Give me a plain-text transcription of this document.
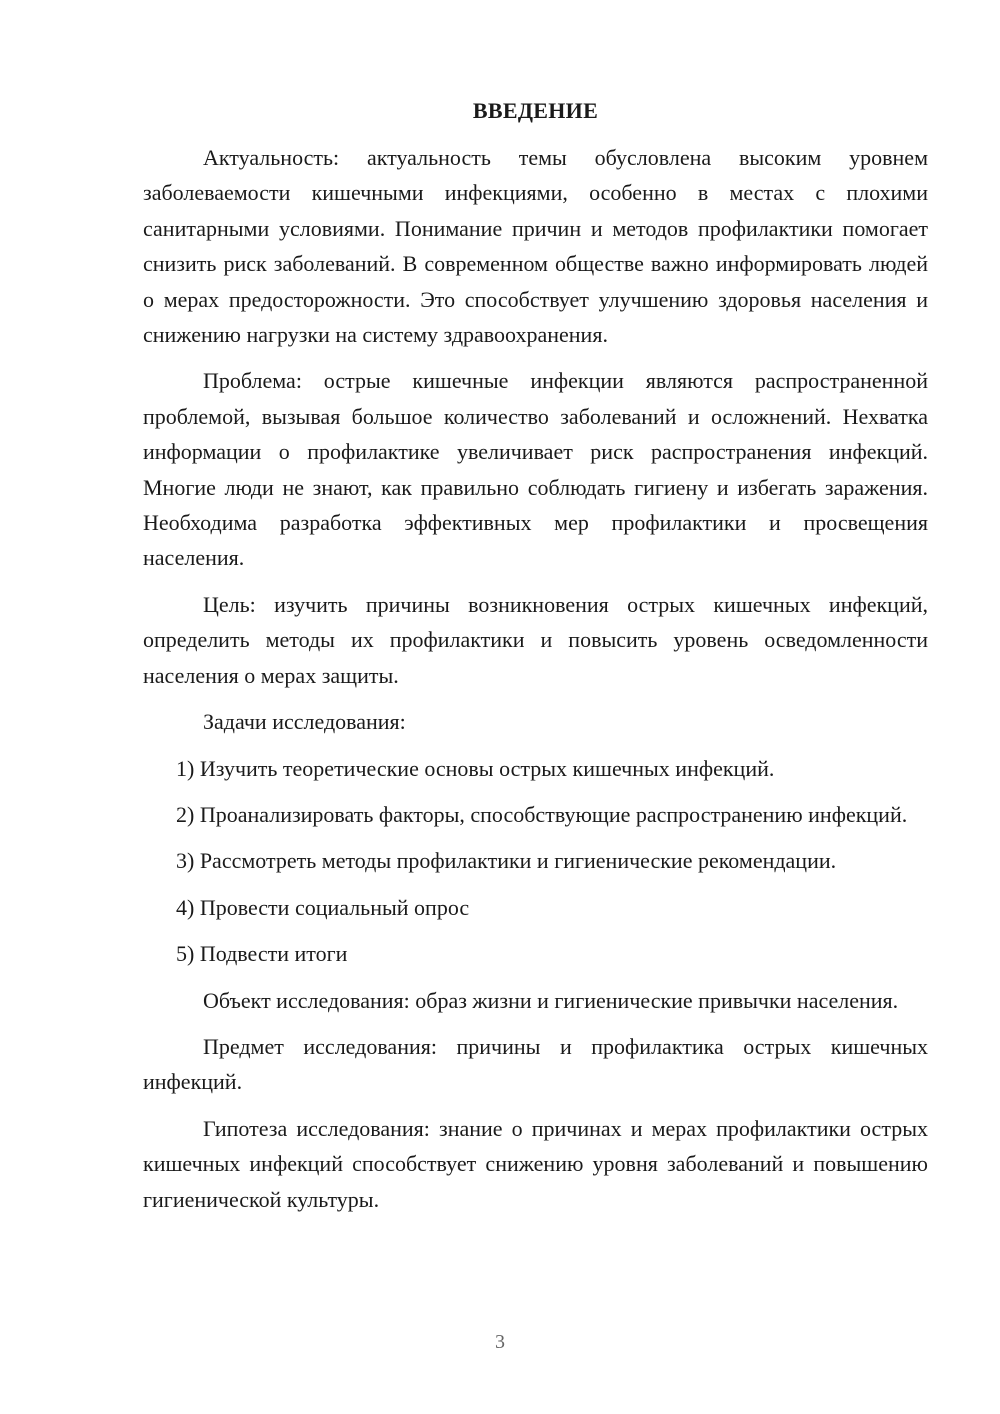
ВВЕДЕНИЕ

Актуальность: актуальность темы обусловлена высоким уровнем заболеваемости кишечными инфекциями, особенно в местах с плохими санитарными условиями. Понимание причин и методов профилактики помогает снизить риск заболеваний. В современном обществе важно информировать людей о мерах предосторожности. Это способствует улучшению здоровья населения и снижению нагрузки на систему здравоохранения.

Проблема: острые кишечные инфекции являются распространенной проблемой, вызывая большое количество заболеваний и осложнений. Нехватка информации о профилактике увеличивает риск распространения инфекций. Многие люди не знают, как правильно соблюдать гигиену и избегать заражения. Необходима разработка эффективных мер профилактики и просвещения населения.

Цель: изучить причины возникновения острых кишечных инфекций, определить методы их профилактики и повысить уровень осведомленности населения о мерах защиты.

Задачи исследования:

1) Изучить теоретические основы острых кишечных инфекций.

2) Проанализировать факторы, способствующие распространению инфекций.

3) Рассмотреть методы профилактики и гигиенические рекомендации.

4) Провести социальный опрос

5) Подвести итоги

Объект исследования: образ жизни и гигиенические привычки населения.

Предмет исследования: причины и профилактика острых кишечных инфекций.

Гипотеза исследования: знание о причинах и мерах профилактики острых кишечных инфекций способствует снижению уровня заболеваний и повышению гигиенической культуры.

3
